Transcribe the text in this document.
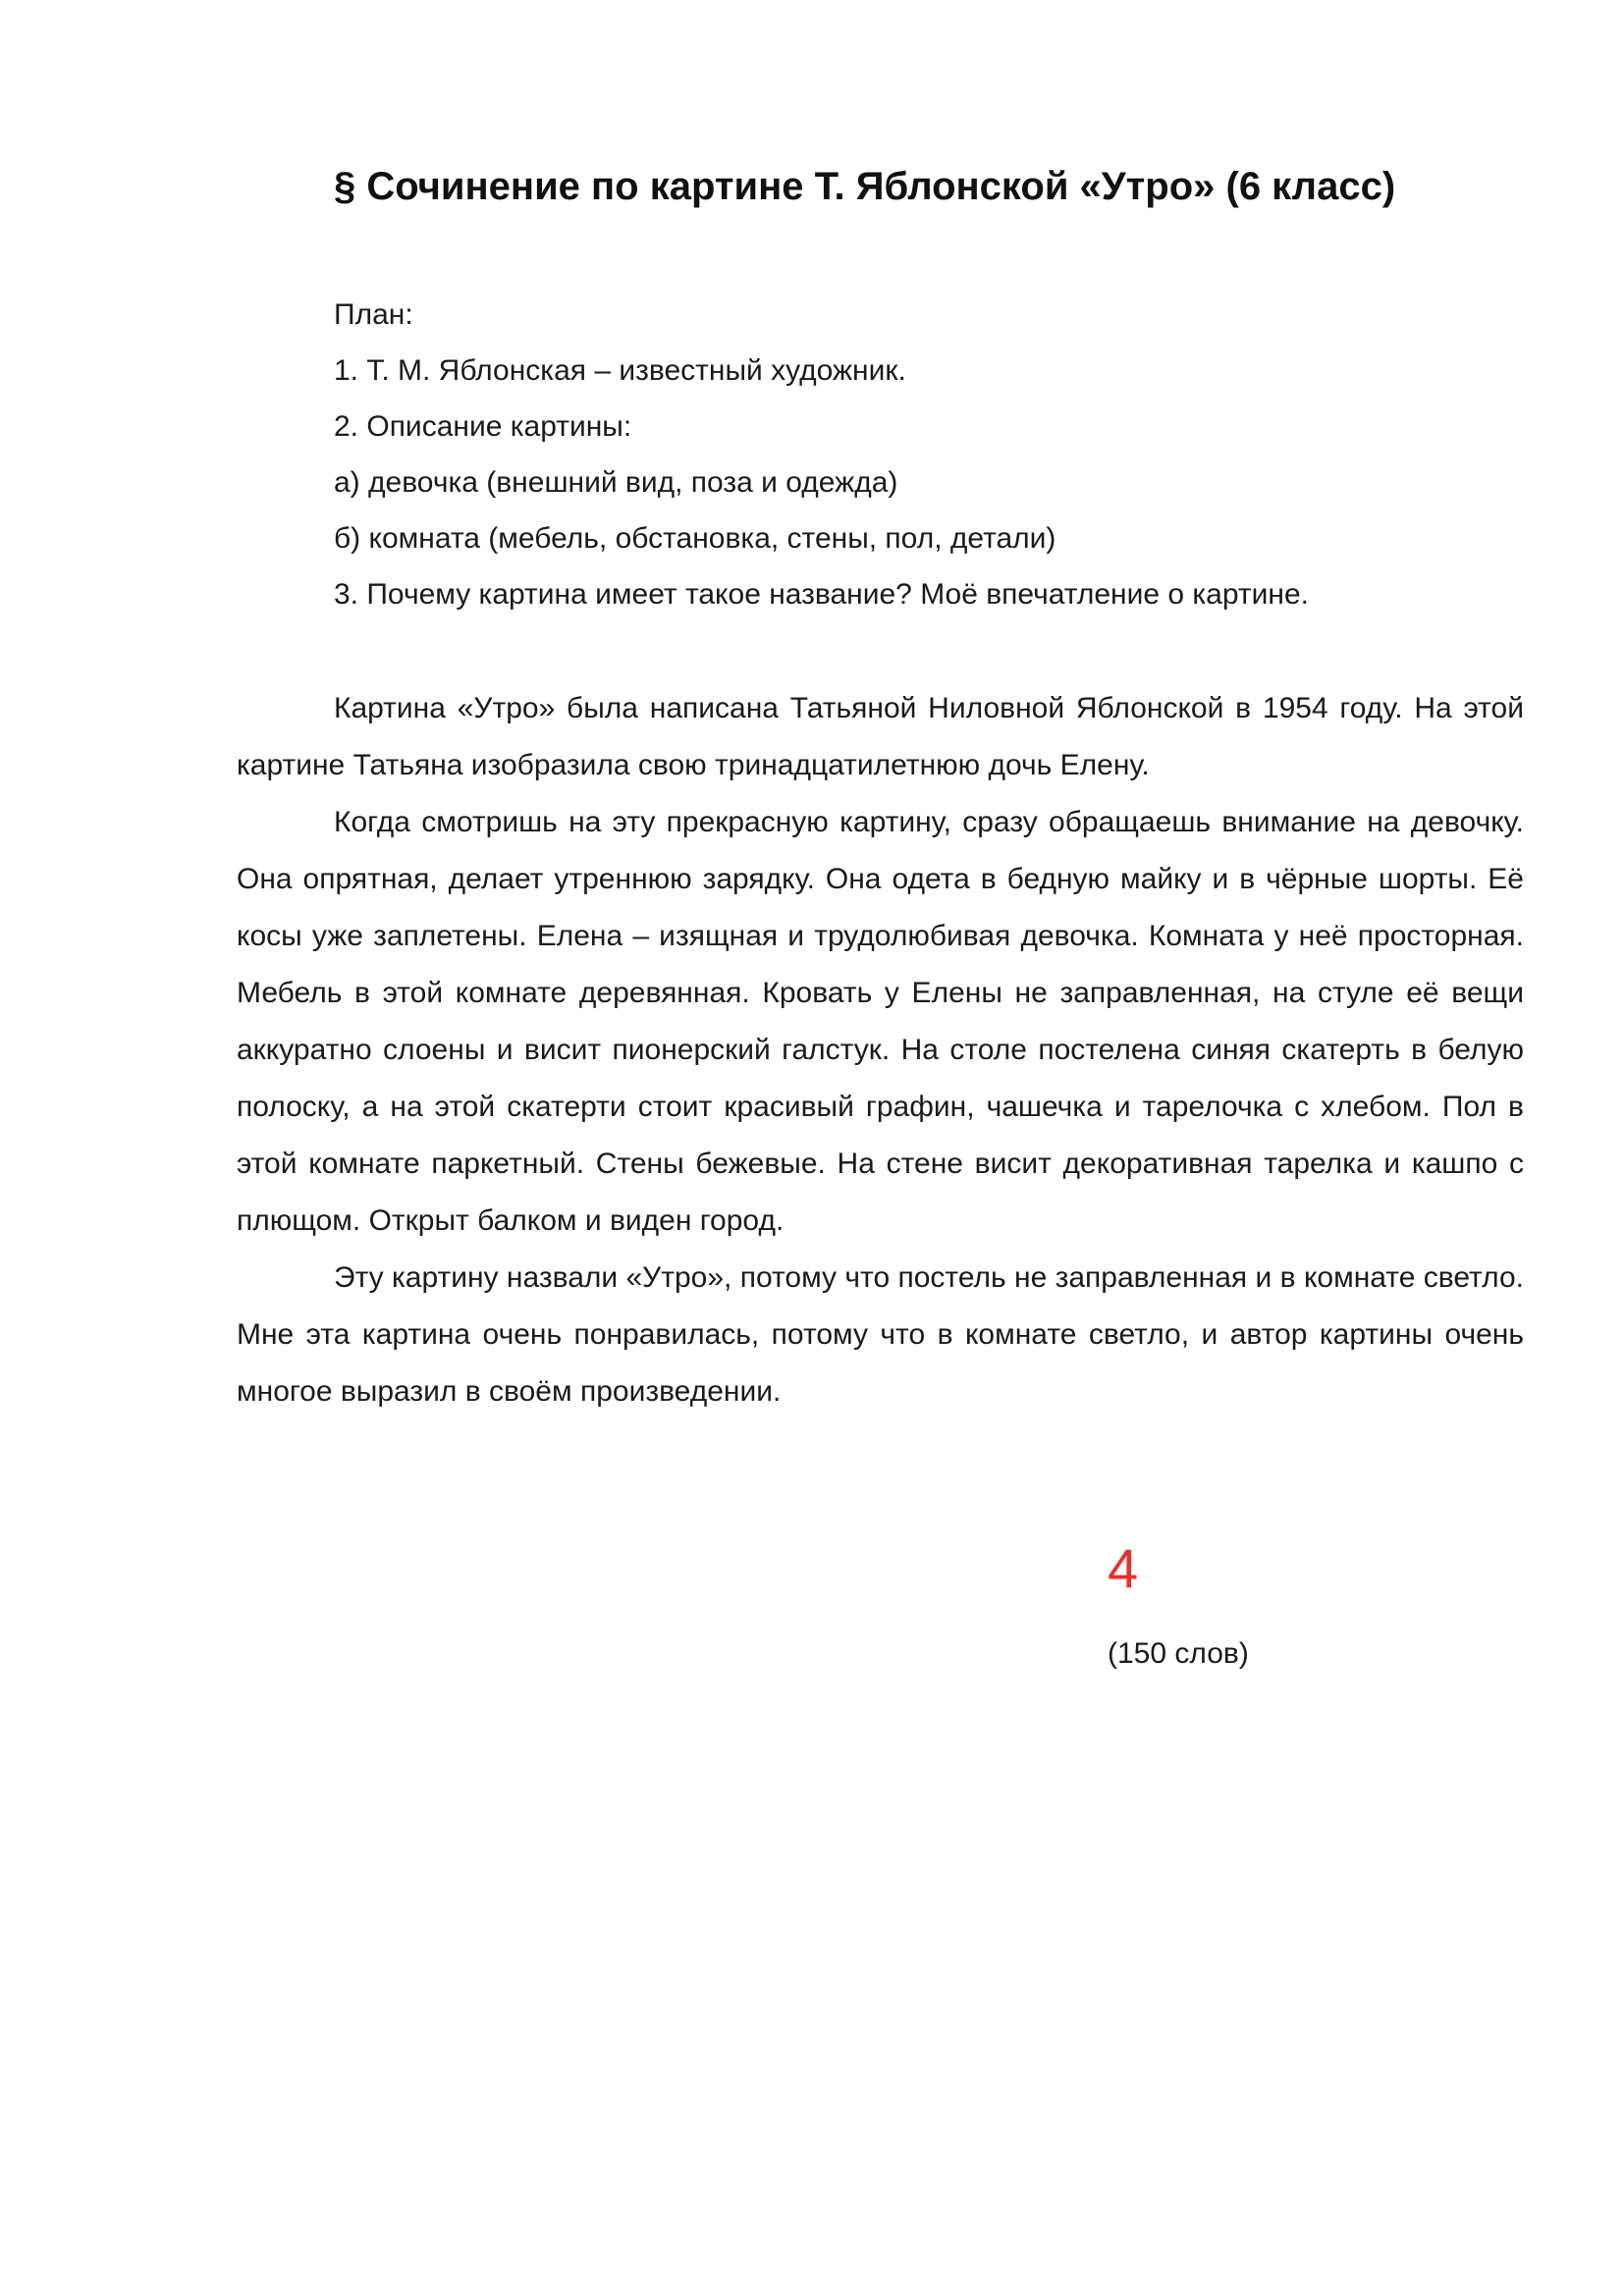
§ Сочинение по картине Т. Яблонской «Утро» (6 класс)
План:
1. Т. М. Яблонская – известный художник.
2. Описание картины:
а) девочка (внешний вид, поза и одежда)
б) комната (мебель, обстановка, стены, пол, детали)
3. Почему картина имеет такое название? Моё впечатление о картине.

Картина «Утро» была написана Татьяной Ниловной Яблонской в 1954 году. На этой картине Татьяна изобразила свою тринадцатилетнюю дочь Елену.

Когда смотришь на эту прекрасную картину, сразу обращаешь внимание на девочку. Она опрятная, делает утреннюю зарядку. Она одета в бедную майку и в чёрные шорты. Её косы уже заплетены. Елена – изящная и трудолюбивая девочка. Комната у неё просторная. Мебель в этой комнате деревянная. Кровать у Елены не заправленная, на стуле её вещи аккуратно слоены и висит пионерский галстук. На столе постелена синяя скатерть в белую полоску, а на этой скатерти стоит красивый графин, чашечка и тарелочка с хлебом. Пол в этой комнате паркетный. Стены бежевые. На стене висит декоративная тарелка и кашпо с плющом. Открыт балком и виден город.

Эту картину назвали «Утро», потому что постель не заправленная и в комнате светло. Мне эта картина очень понравилась, потому что в комнате светло, и автор картины очень многое выразил в своём произведении.

4
(150 слов)
